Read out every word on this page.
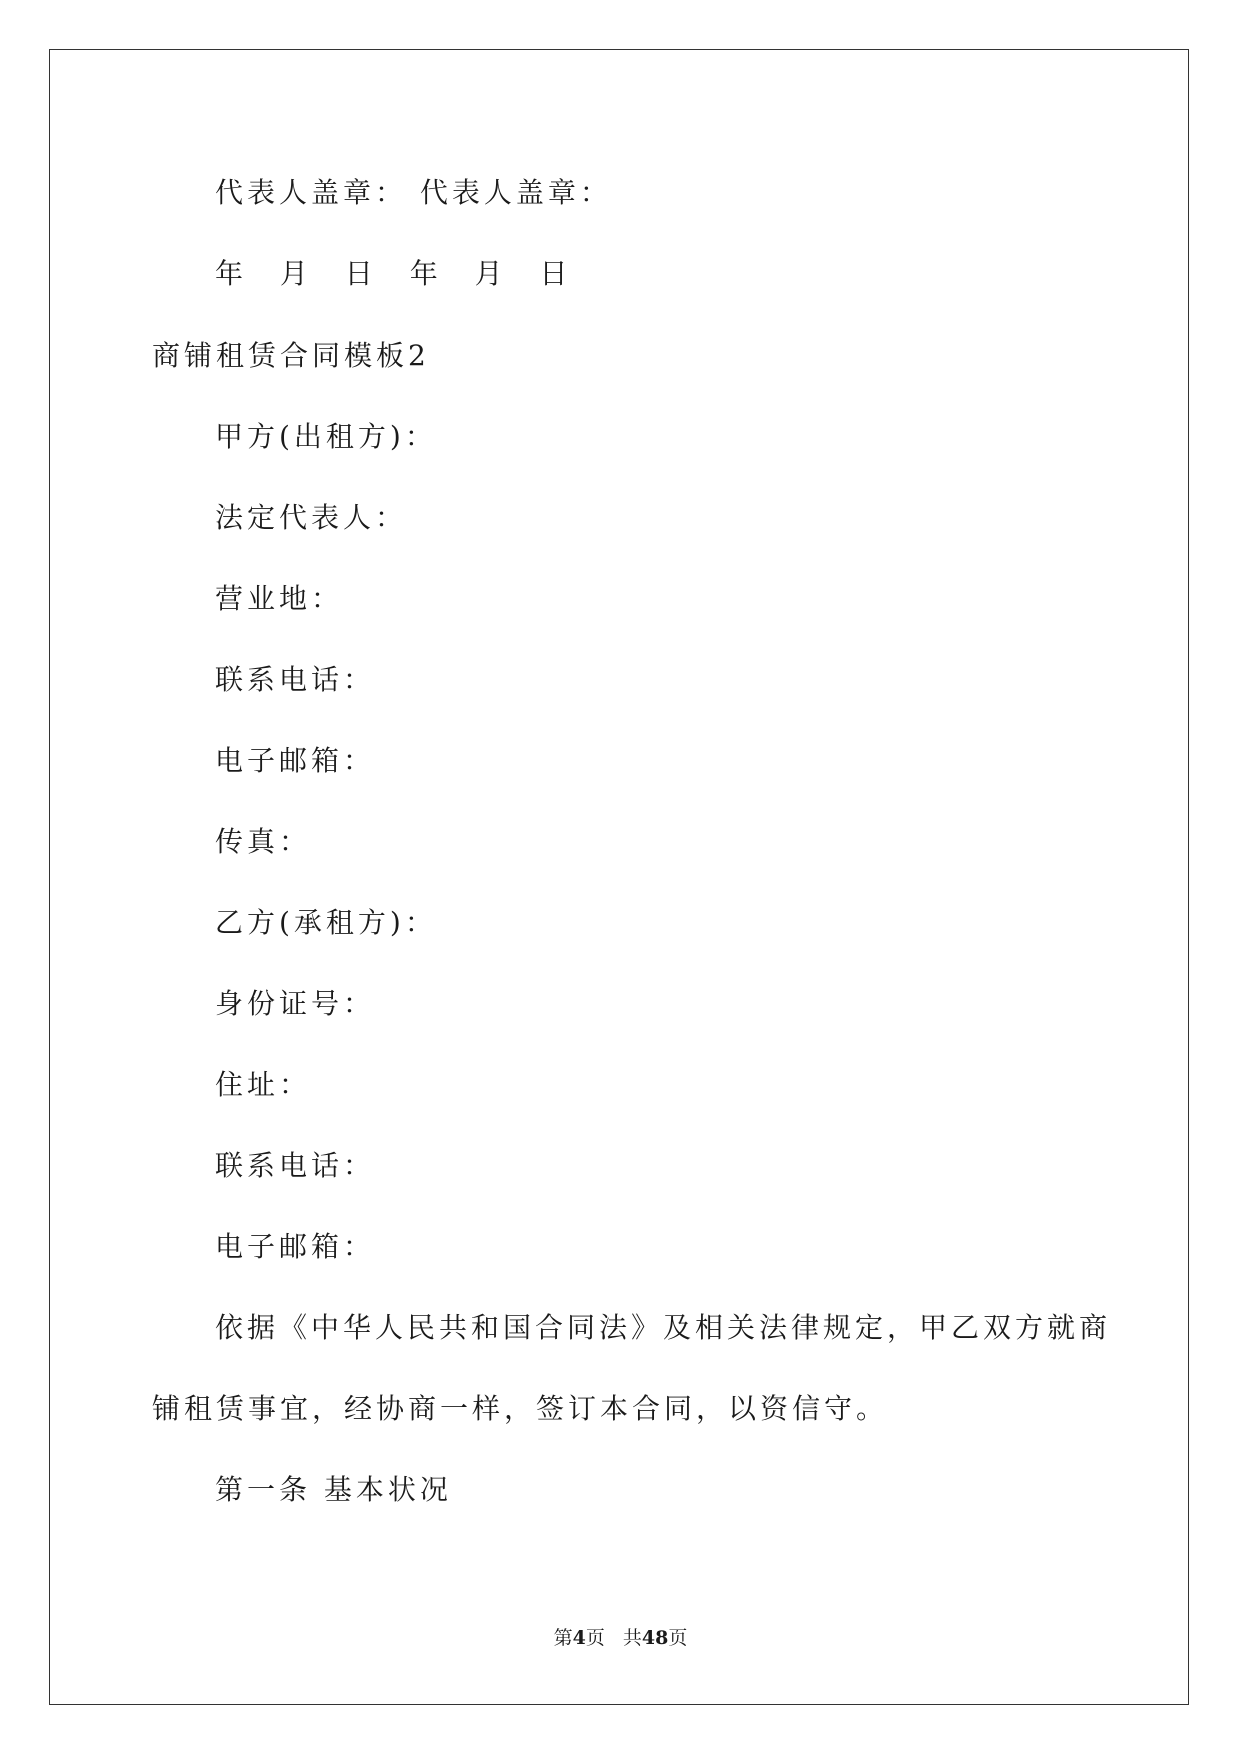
代表人盖章： 代表人盖章：
年 月 日 年 月 日
商铺租赁合同模板2
甲方(出租方)：
法定代表人：
营业地：
联系电话：
电子邮箱：
传真：
乙方(承租方)：
身份证号：
住址：
联系电话：
电子邮箱：
依据《中华人民共和国合同法》及相关法律规定，甲乙双方就商
铺租赁事宜，经协商一样，签订本合同，以资信守。
第一条 基本状况
第4页 共48页
